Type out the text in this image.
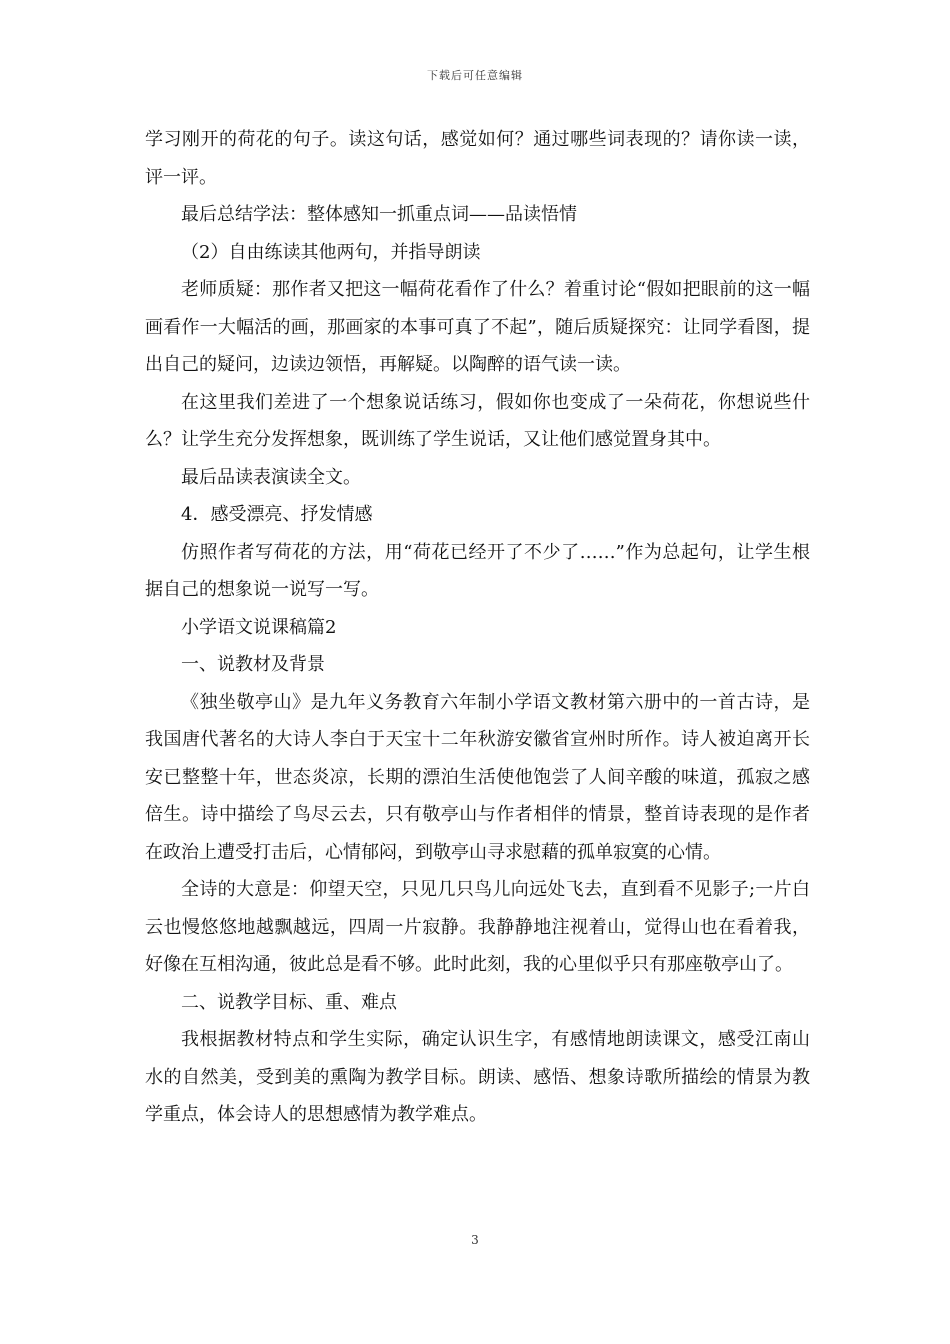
下载后可任意编辑

学习刚开的荷花的句子。读这句话，感觉如何？通过哪些词表现的？请你读一读，评一评。

最后总结学法：整体感知一抓重点词——品读悟情

（2）自由练读其他两句，并指导朗读

老师质疑：那作者又把这一幅荷花看作了什么？着重讨论“假如把眼前的这一幅画看作一大幅活的画，那画家的本事可真了不起”，随后质疑探究：让同学看图，提出自己的疑问，边读边领悟，再解疑。以陶醉的语气读一读。

在这里我们差进了一个想象说话练习，假如你也变成了一朵荷花，你想说些什么？让学生充分发挥想象，既训练了学生说话，又让他们感觉置身其中。

最后品读表演读全文。

4．感受漂亮、抒发情感

仿照作者写荷花的方法，用“荷花已经开了不少了……”作为总起句，让学生根据自己的想象说一说写一写。

小学语文说课稿篇2

一、说教材及背景

《独坐敬亭山》是九年义务教育六年制小学语文教材第六册中的一首古诗，是我国唐代著名的大诗人李白于天宝十二年秋游安徽省宣州时所作。诗人被迫离开长安已整整十年，世态炎凉，长期的漂泊生活使他饱尝了人间辛酸的味道，孤寂之感倍生。诗中描绘了鸟尽云去，只有敬亭山与作者相伴的情景，整首诗表现的是作者在政治上遭受打击后，心情郁闷，到敬亭山寻求慰藉的孤单寂寞的心情。

全诗的大意是：仰望天空，只见几只鸟儿向远处飞去，直到看不见影子;一片白云也慢悠悠地越飘越远，四周一片寂静。我静静地注视着山，觉得山也在看着我，好像在互相沟通，彼此总是看不够。此时此刻，我的心里似乎只有那座敬亭山了。

二、说教学目标、重、难点

我根据教材特点和学生实际，确定认识生字，有感情地朗读课文，感受江南山水的自然美，受到美的熏陶为教学目标。朗读、感悟、想象诗歌所描绘的情景为教学重点，体会诗人的思想感情为教学难点。

3
